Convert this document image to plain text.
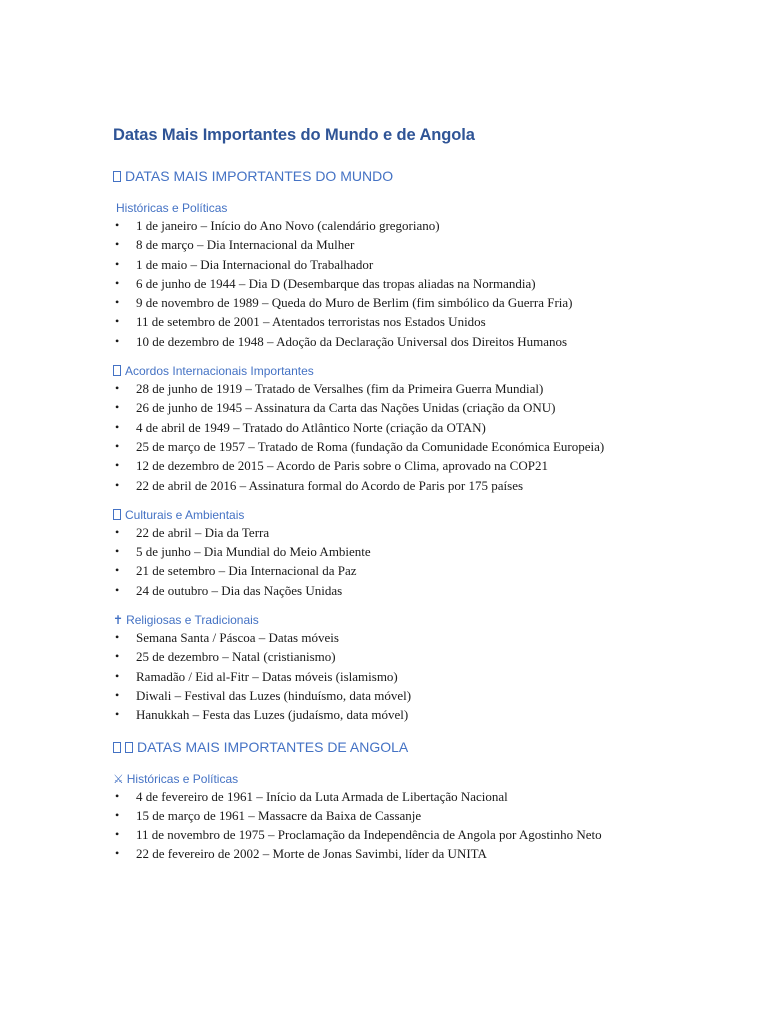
Datas Mais Importantes do Mundo e de Angola
DATAS MAIS IMPORTANTES DO MUNDO
Históricas e Políticas
• 1 de janeiro – Início do Ano Novo (calendário gregoriano)
• 8 de março – Dia Internacional da Mulher
• 1 de maio – Dia Internacional do Trabalhador
• 6 de junho de 1944 – Dia D (Desembarque das tropas aliadas na Normandia)
• 9 de novembro de 1989 – Queda do Muro de Berlim (fim simbólico da Guerra Fria)
• 11 de setembro de 2001 – Atentados terroristas nos Estados Unidos
• 10 de dezembro de 1948 – Adoção da Declaração Universal dos Direitos Humanos
Acordos Internacionais Importantes
• 28 de junho de 1919 – Tratado de Versalhes (fim da Primeira Guerra Mundial)
• 26 de junho de 1945 – Assinatura da Carta das Nações Unidas (criação da ONU)
• 4 de abril de 1949 – Tratado do Atlântico Norte (criação da OTAN)
• 25 de março de 1957 – Tratado de Roma (fundação da Comunidade Económica Europeia)
• 12 de dezembro de 2015 – Acordo de Paris sobre o Clima, aprovado na COP21
• 22 de abril de 2016 – Assinatura formal do Acordo de Paris por 175 países
Culturais e Ambientais
• 22 de abril – Dia da Terra
• 5 de junho – Dia Mundial do Meio Ambiente
• 21 de setembro – Dia Internacional da Paz
• 24 de outubro – Dia das Nações Unidas
✝ Religiosas e Tradicionais
• Semana Santa / Páscoa – Datas móveis
• 25 de dezembro – Natal (cristianismo)
• Ramadão / Eid al-Fitr – Datas móveis (islamismo)
• Diwali – Festival das Luzes (hinduísmo, data móvel)
• Hanukkah – Festa das Luzes (judaísmo, data móvel)
DATAS MAIS IMPORTANTES DE ANGOLA
⚔ Históricas e Políticas
• 4 de fevereiro de 1961 – Início da Luta Armada de Libertação Nacional
• 15 de março de 1961 – Massacre da Baixa de Cassanje
• 11 de novembro de 1975 – Proclamação da Independência de Angola por Agostinho Neto
• 22 de fevereiro de 2002 – Morte de Jonas Savimbi, líder da UNITA
